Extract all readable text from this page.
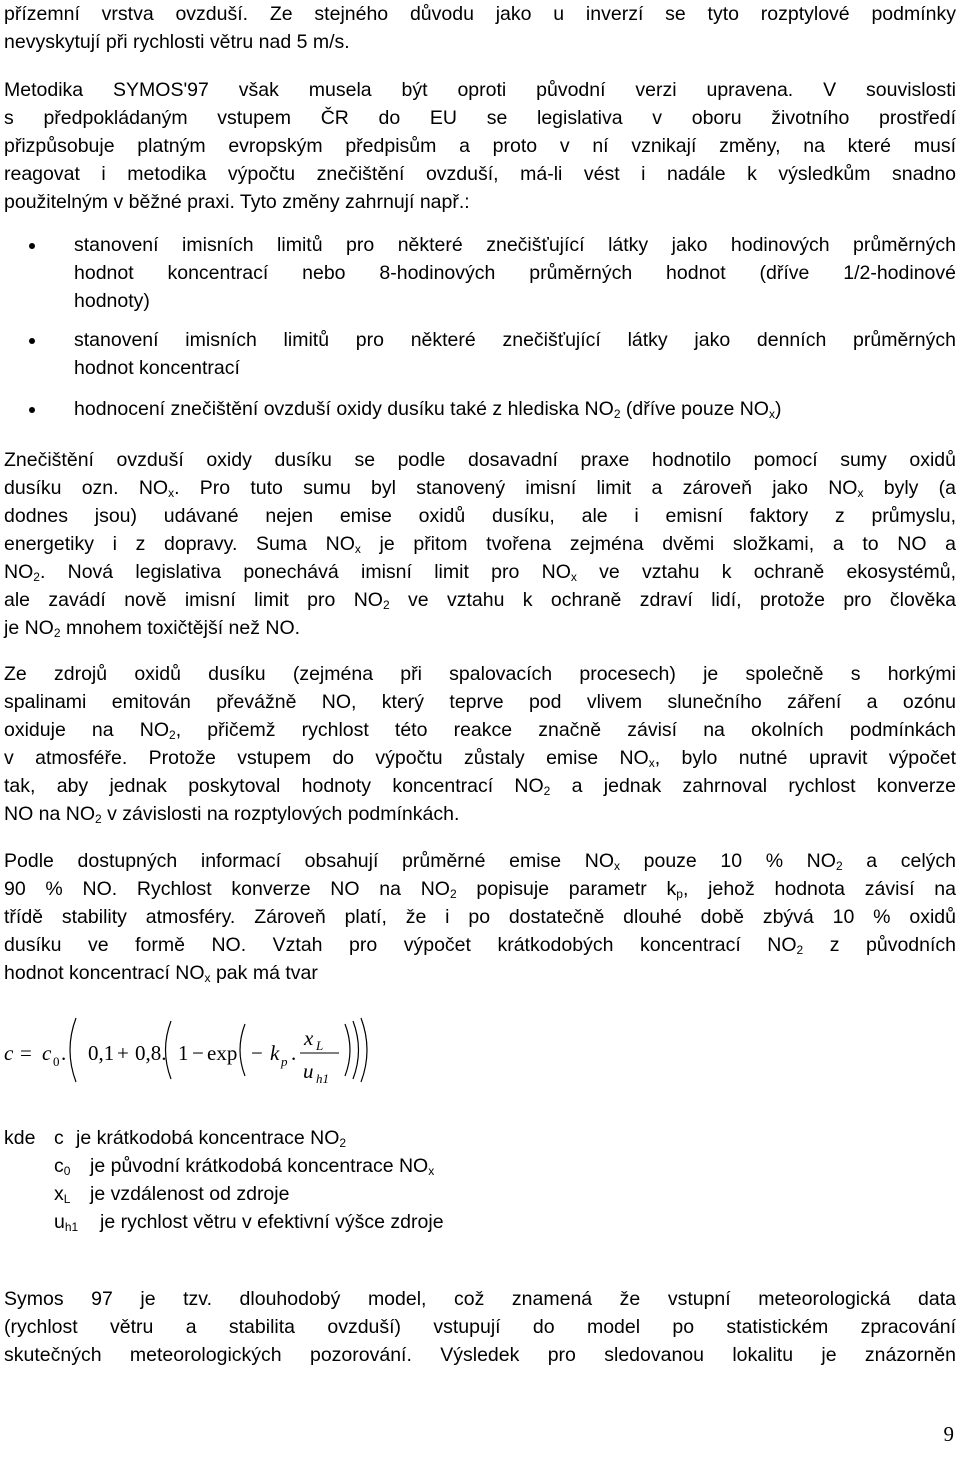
přízemní vrstva ovzduší. Ze stejného důvodu jako u inverzí se tyto rozptylové podmínky
nevyskytují při rychlosti větru nad 5 m/s.
Metodika SYMOS'97 však musela být oproti původní verzi upravena. V souvislosti
s předpokládaným vstupem ČR do EU se legislativa v oboru životního prostředí
přizpůsobuje platným evropským předpisům a proto v ní vznikají změny, na které musí
reagovat i metodika výpočtu znečištění ovzduší, má-li vést i nadále k výsledkům snadno
použitelným v běžné praxi. Tyto změny zahrnují např.:
stanovení imisních limitů pro některé znečišťující látky jako hodinových průměrných
hodnot koncentrací nebo 8-hodinových průměrných hodnot (dříve 1/2-hodinové
hodnoty)
stanovení imisních limitů pro některé znečišťující látky jako denních průměrných
hodnot koncentrací
hodnocení znečištění ovzduší oxidy dusíku také z hlediska $NO_2$ (dříve pouze $NO_x$)
Znečištění ovzduší oxidy dusíku se podle dosavadní praxe hodnotilo pomocí sumy oxidů
dusíku ozn. $NO_x$. Pro tuto sumu byl stanovený imisní limit a zároveň jako $NO_x$ byly (a
dodnes jsou) udávané nejen emise oxidů dusíku, ale i emisní faktory z průmyslu,
energetiky i z dopravy. Suma $NO_x$ je přitom tvořena zejména dvěmi složkami, a to NO a
$NO_2$. Nová legislativa ponechává imisní limit pro $NO_x$ ve vztahu k ochraně ekosystémů,
ale zavádí nově imisní limit pro $NO_2$ ve vztahu k ochraně zdraví lidí, protože pro člověka
je $NO_2$ mnohem toxičtější než NO.
Ze zdrojů oxidů dusíku (zejména při spalovacích procesech) je společně s horkými
spalinami emitován převážně NO, který teprve pod vlivem slunečního záření a ozónu
oxiduje na $NO_2$, přičemž rychlost této reakce značně závisí na okolních podmínkách
v atmosféře. Protože vstupem do výpočtu zůstaly emise $NO_x$, bylo nutné upravit výpočet
tak, aby jednak poskytoval hodnoty koncentrací $NO_2$ a jednak zahrnoval rychlost konverze
NO na $NO_2$ v závislosti na rozptylových podmínkách.
Podle dostupných informací obsahují průměrné emise $NO_x$ pouze 10 % $NO_2$ a celých
90 % NO. Rychlost konverze NO na $NO_2$ popisuje parametr $k_p$, jehož hodnota závisí na
třídě stability atmosféry. Zároveň platí, že i po dostatečně dlouhé době zbývá 10 % oxidů
dusíku ve formě NO. Vztah pro výpočet krátkodobých koncentrací $NO_2$ z původních
hodnot koncentrací $NO_x$ pak má tvar
c = c 0 . 0,1 + 0,8. 1 − exp − k p .
x L
u h1
kde c je krátkodobá koncentrace $NO_2$
$c_0$ je původní krátkodobá koncentrace $NO_x$
$x_L$ je vzdálenost od zdroje
$u_{h1}$ je rychlost větru v efektivní výšce zdroje
Symos 97 je tzv. dlouhodobý model, což znamená že vstupní meteorologická data
(rychlost větru a stabilita ovzduší) vstupují do model po statistickém zpracování
skutečných meteorologických pozorování. Výsledek pro sledovanou lokalitu je znázorněn
9
